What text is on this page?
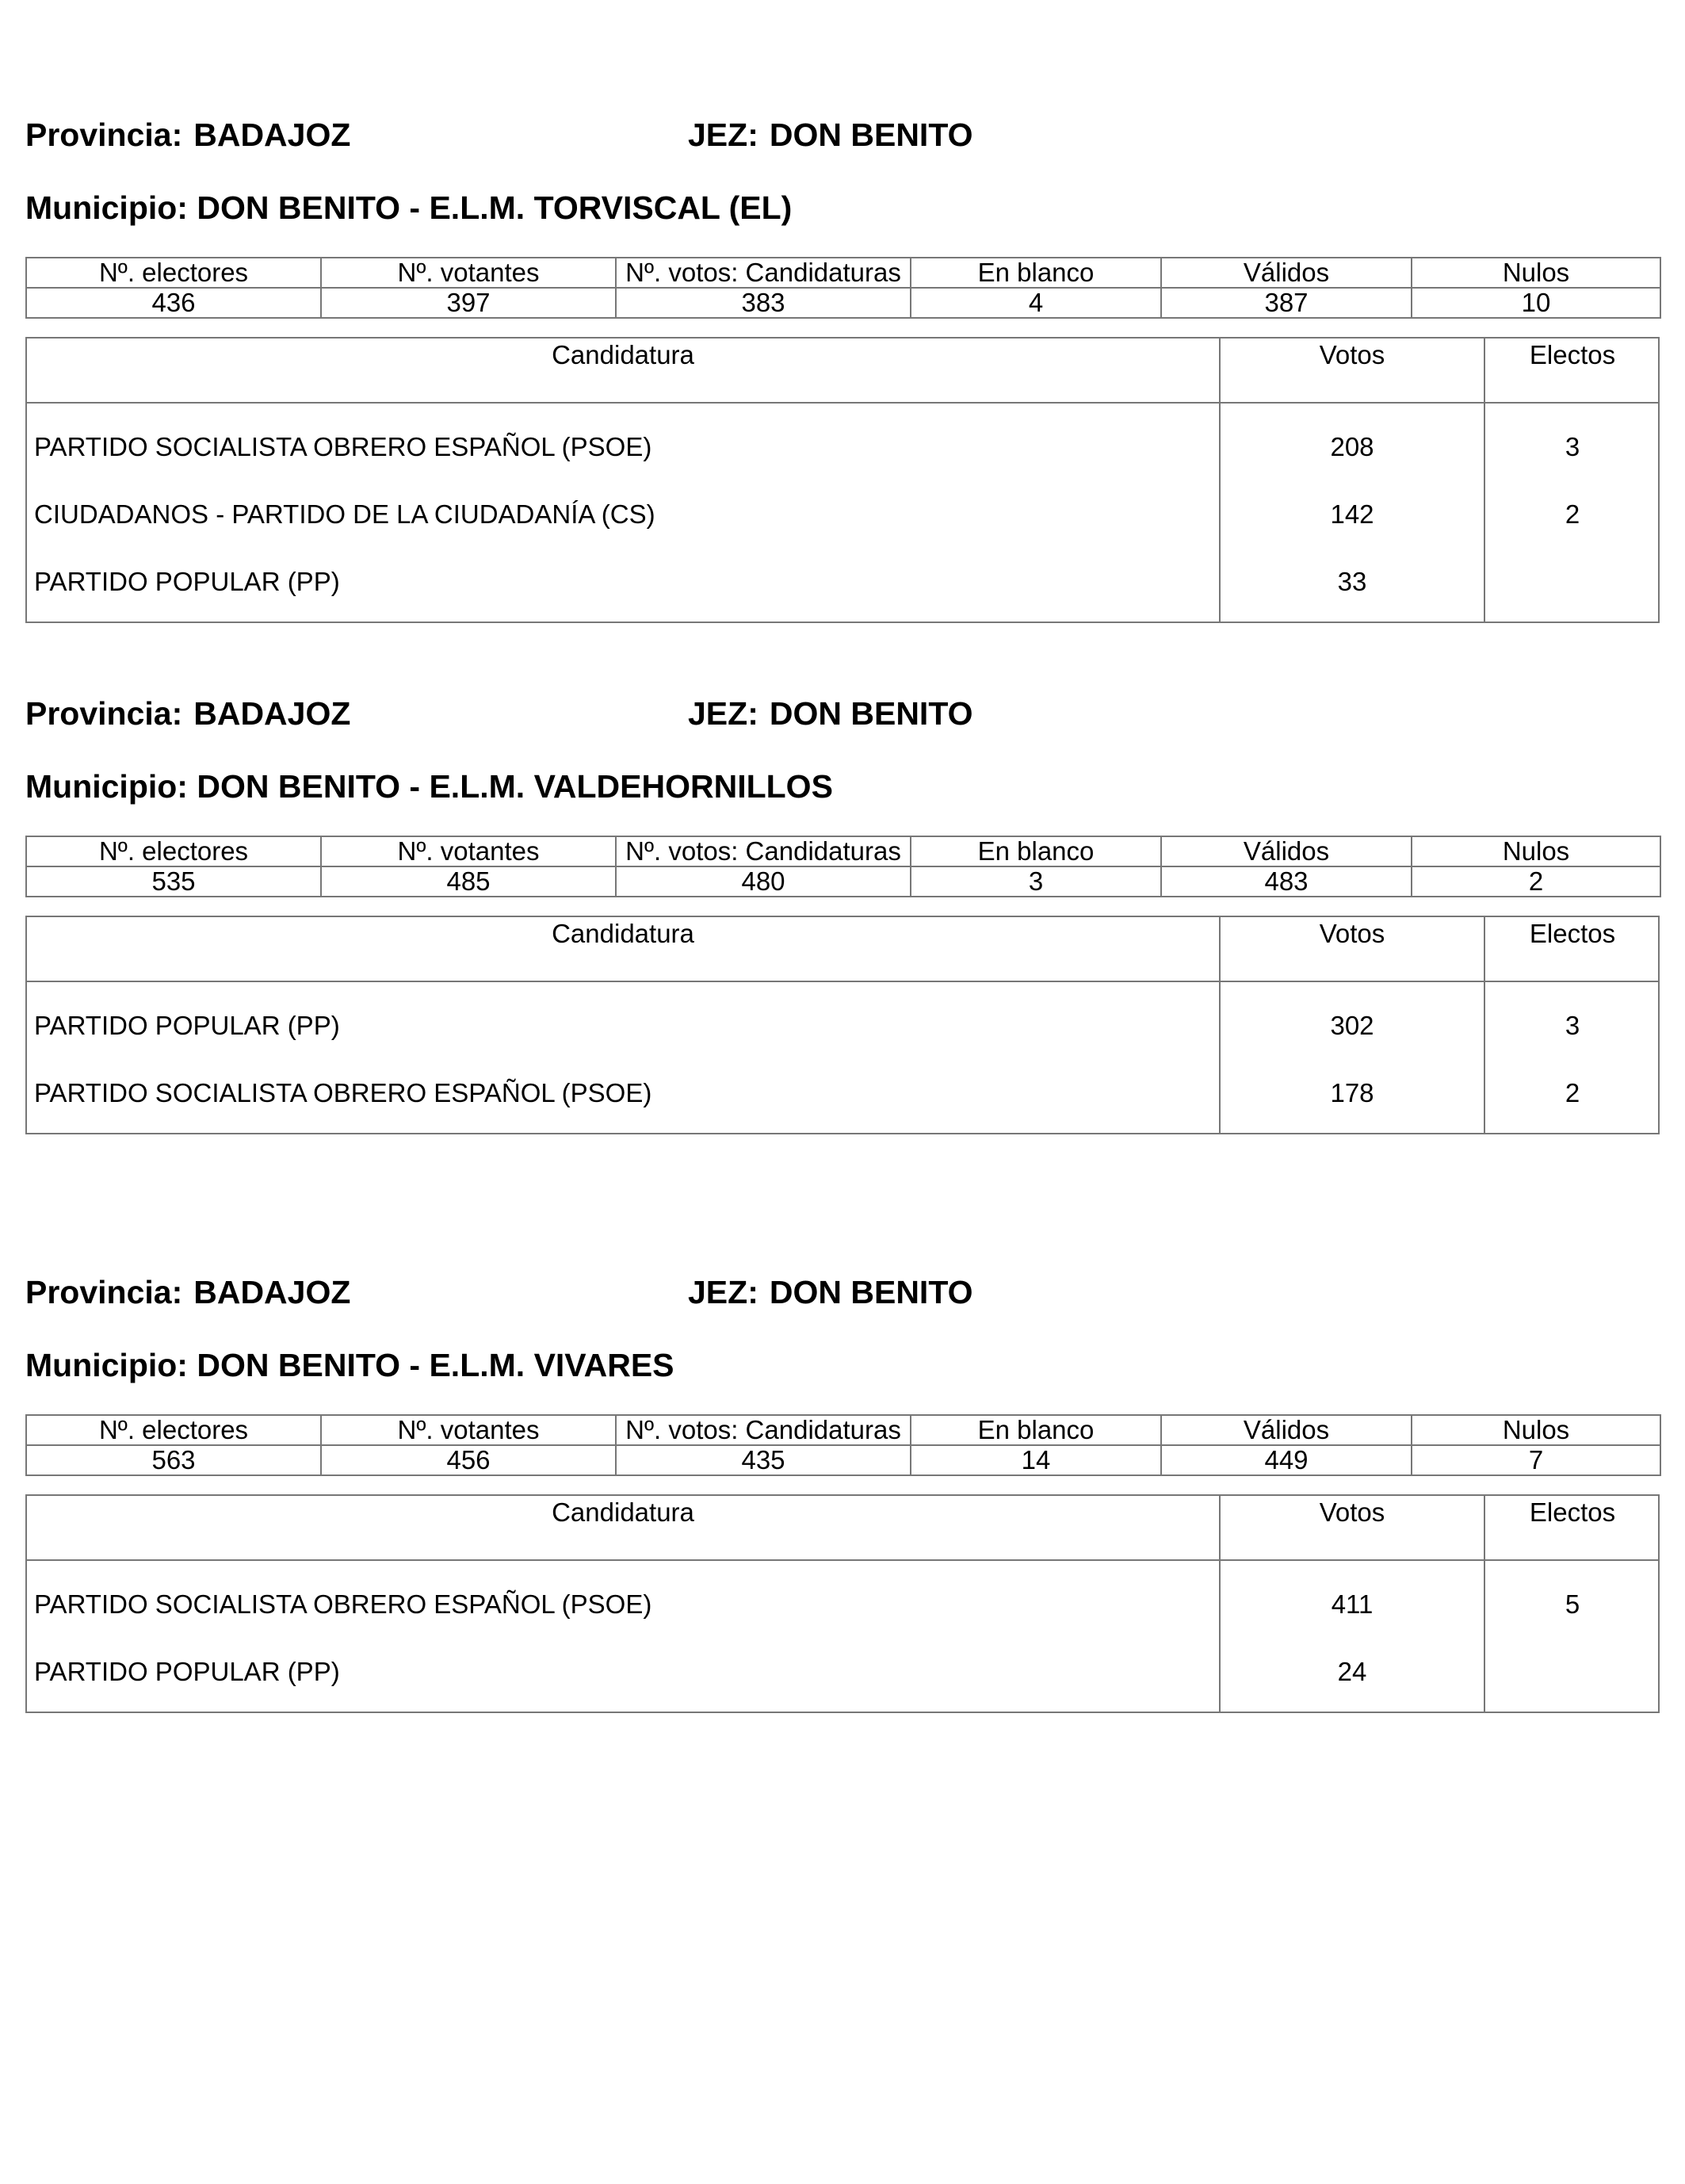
Provincia: BADAJOZ	JEZ: DON BENITO
Municipio: DON BENITO - E.L.M. TORVISCAL (EL)
Nº. electores	Nº. votantes	Nº. votos: Candidaturas	En blanco	Válidos	Nulos
436	397	383	4	387	10
Candidatura	Votos	Electos
PARTIDO SOCIALISTA OBRERO ESPAÑOL (PSOE)	208	3
CIUDADANOS - PARTIDO DE LA CIUDADANÍA (CS)	142	2
PARTIDO POPULAR (PP)	33
Provincia: BADAJOZ	JEZ: DON BENITO
Municipio: DON BENITO - E.L.M. VALDEHORNILLOS
Nº. electores	Nº. votantes	Nº. votos: Candidaturas	En blanco	Válidos	Nulos
535	485	480	3	483	2
Candidatura	Votos	Electos
PARTIDO POPULAR (PP)	302	3
PARTIDO SOCIALISTA OBRERO ESPAÑOL (PSOE)	178	2
Provincia: BADAJOZ	JEZ: DON BENITO
Municipio: DON BENITO - E.L.M. VIVARES
Nº. electores	Nº. votantes	Nº. votos: Candidaturas	En blanco	Válidos	Nulos
563	456	435	14	449	7
Candidatura	Votos	Electos
PARTIDO SOCIALISTA OBRERO ESPAÑOL (PSOE)	411	5
PARTIDO POPULAR (PP)	24
